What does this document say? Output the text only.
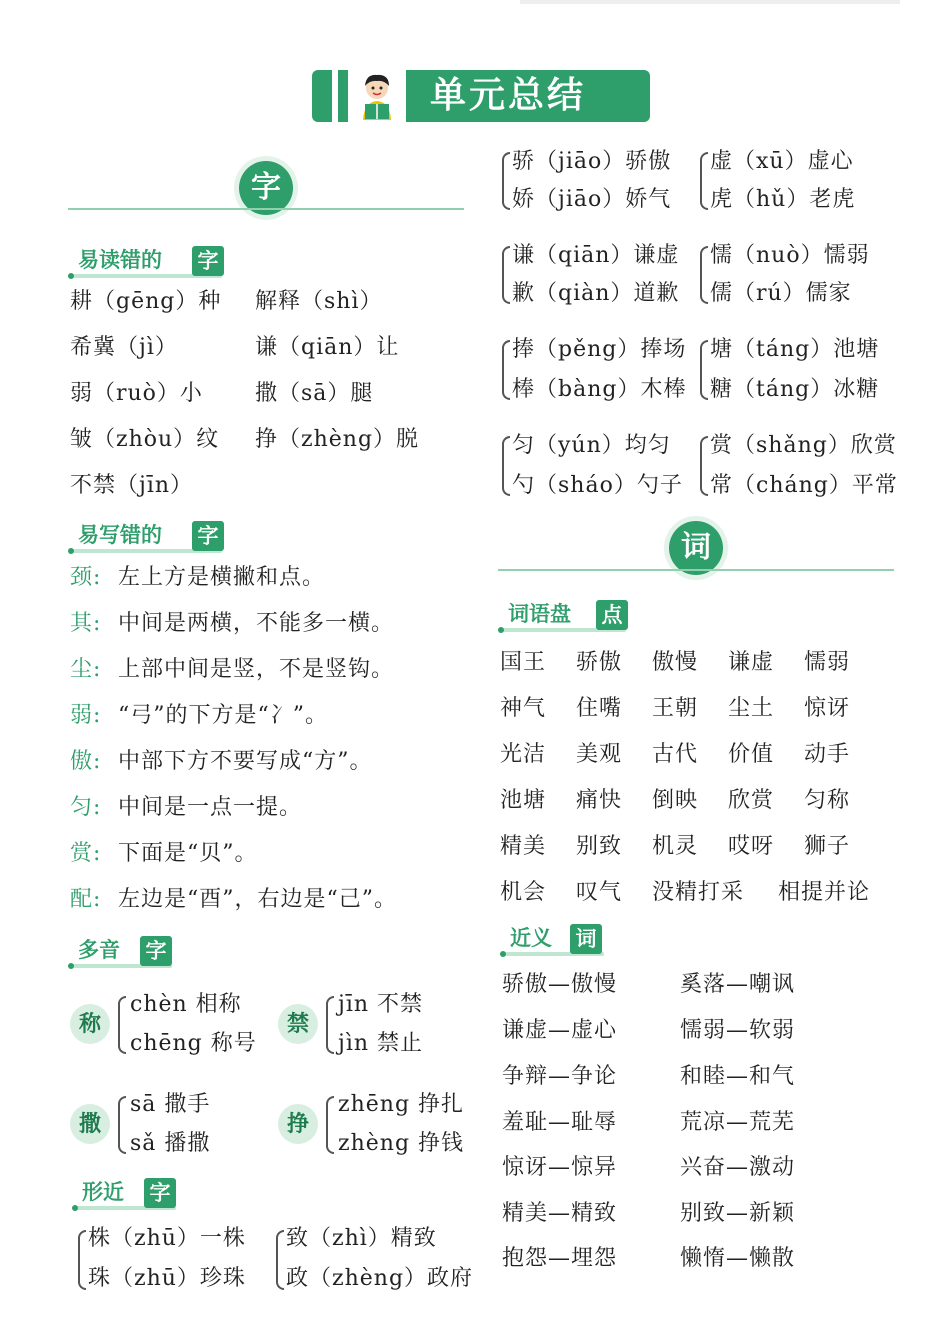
单元总结
字
易读错的 字
耕（gēng）种 解释（shì）
希冀（jì）	谦（qiān）让
弱（ruò）小 撒（sā）腿
皱（zhòu）纹 挣（zhèng）脱
不禁（jīn）
易写错的 字
颈: 左上方是横撇和点。
其: 中间是两横，不能多一横。
尘: 上部中间是竖，不是竖钩。
弱: “弓”的下方是“冫”。
傲: 中部下方不要写成“方”。
匀: 中间是一点一提。
赏: 下面是“贝”。
配: 左边是“酉”，右边是“己”。
多音 字
称
chèn 相称
chēng 称号
禁
jīn 不禁
jìn 禁止
撒
sā 撒手
sǎ 播撒
挣
zhēng 挣扎
zhèng 挣钱
形近 字
株（zhū）一株
珠（zhū）珍珠
致（zhì）精致
政（zhèng）政府
骄（jiāo）骄傲
娇（jiāo）娇气
虚（xū）虚心
虎（hǔ）老虎
谦（qiān）谦虚
歉（qiàn）道歉
懦（nuò）懦弱
儒（rú）儒家
捧（pěng）捧场
棒（bàng）木棒
塘（táng）池塘
糖（táng）冰糖
匀（yún）均匀
勺（sháo）勺子
赏（shǎng）欣赏
常（cháng）平常
词
词语盘 点
国王 骄傲 傲慢 谦虚 懦弱
神气 住嘴 王朝 尘土 惊讶
光洁 美观 古代 价值 动手
池塘 痛快 倒映 欣赏 匀称
精美 别致 机灵 哎呀 狮子
机会 叹气 没精打采 相提并论
近义 词
骄傲—傲慢	奚落—嘲讽
谦虚—虚心	懦弱—软弱
争辩—争论	和睦—和气
羞耻—耻辱	荒凉—荒芜
惊讶—惊异	兴奋—激动
精美—精致	别致—新颖
抱怨—埋怨	懒惰—懒散
